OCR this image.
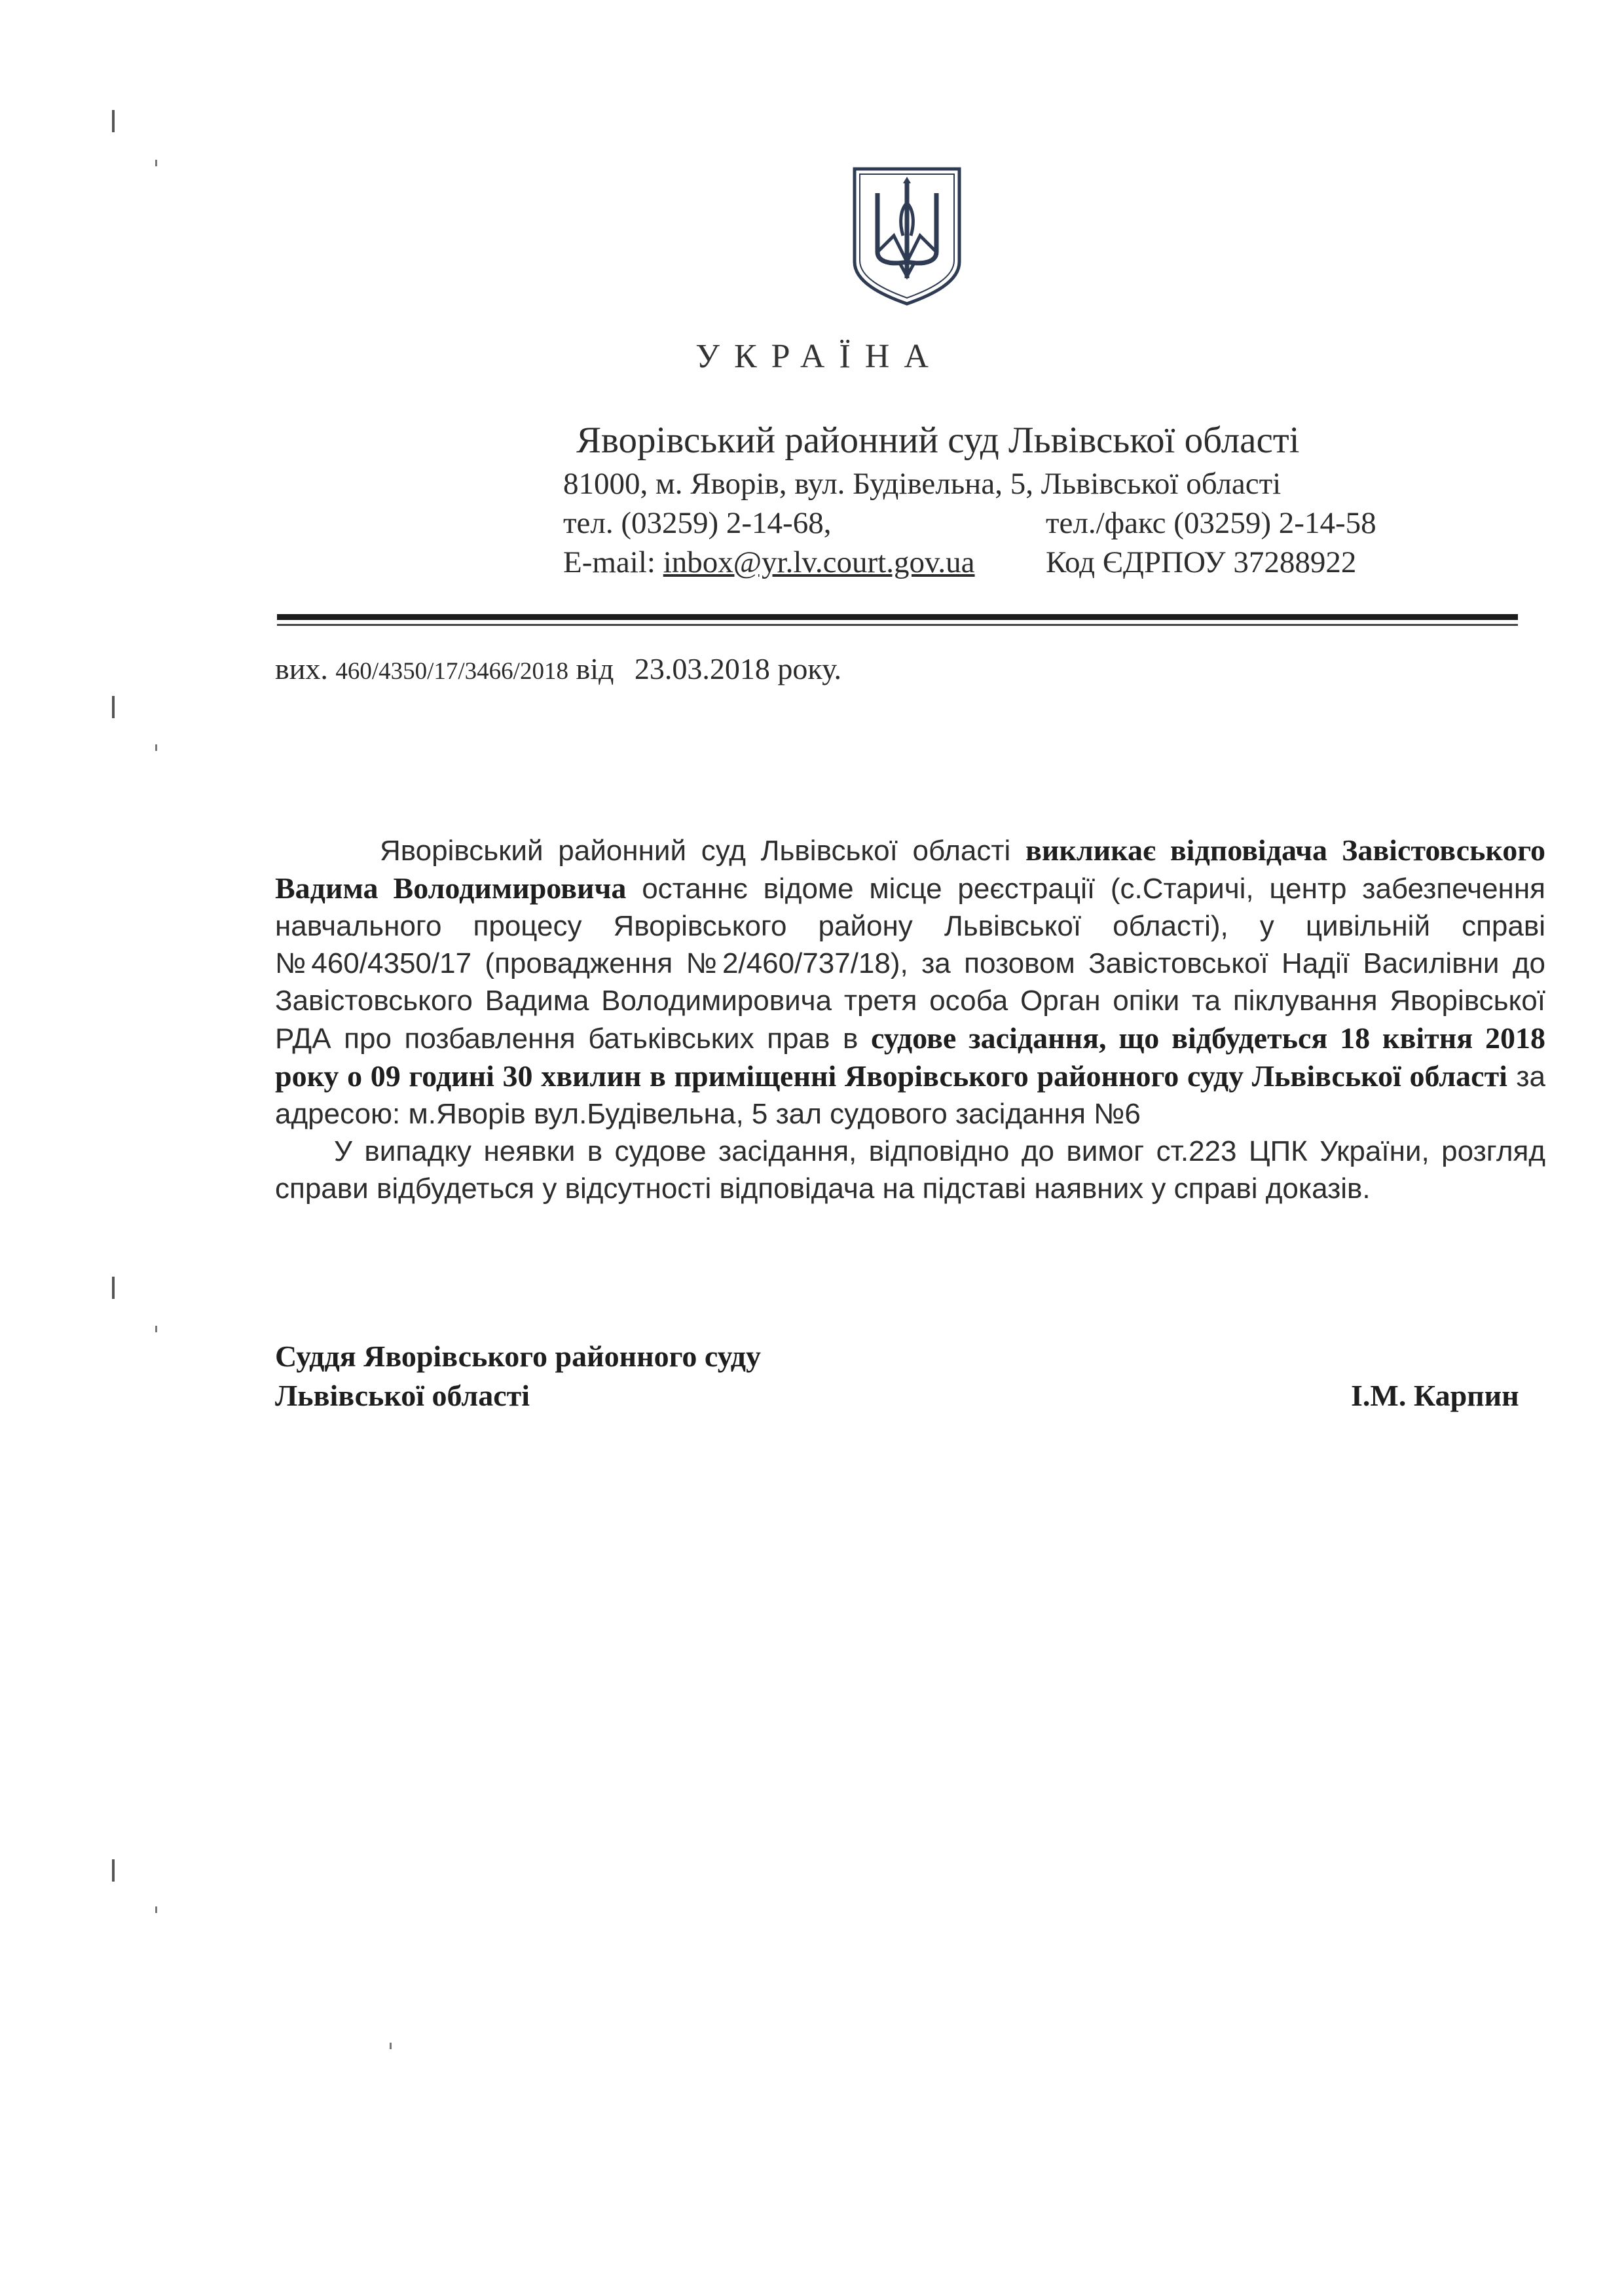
УКРАЇНА
Яворівський районний суд Львівської області
81000, м. Яворів, вул. Будівельна, 5, Львівської області
тел. (03259) 2-14-68,	тел./факс (03259) 2-14-58
E-mail: inbox@yr.lv.court.gov.ua Код ЄДРПОУ 37288922
вих. 460/4350/17/3466/2018 від 23.03.2018 року.

Яворівський районний суд Львівської області викликає відповідача Завістовського Вадима Володимировича останнє відоме місце реєстрації (с.Старичі, центр забезпечення навчального процесу Яворівського району Львівської області), у цивільній справі №460/4350/17 (провадження №2/460/737/18), за позовом Завістовської Надії Василівни до Завістовського Вадима Володимировича третя особа Орган опіки та піклування Яворівської РДА про позбавлення батьківських прав в судове засідання, що відбудеться 18 квітня 2018 року о 09 годині 30 хвилин в приміщенні Яворівського районного суду Львівської області за адресою: м.Яворів вул.Будівельна, 5 зал судового засідання №6

У випадку неявки в судове засідання, відповідно до вимог ст.223 ЦПК України, розгляд справи відбудеться у відсутності відповідача на підставі наявних у справі доказів.

Суддя Яворівського районного суду
Львівської області	І.М. Карпин
